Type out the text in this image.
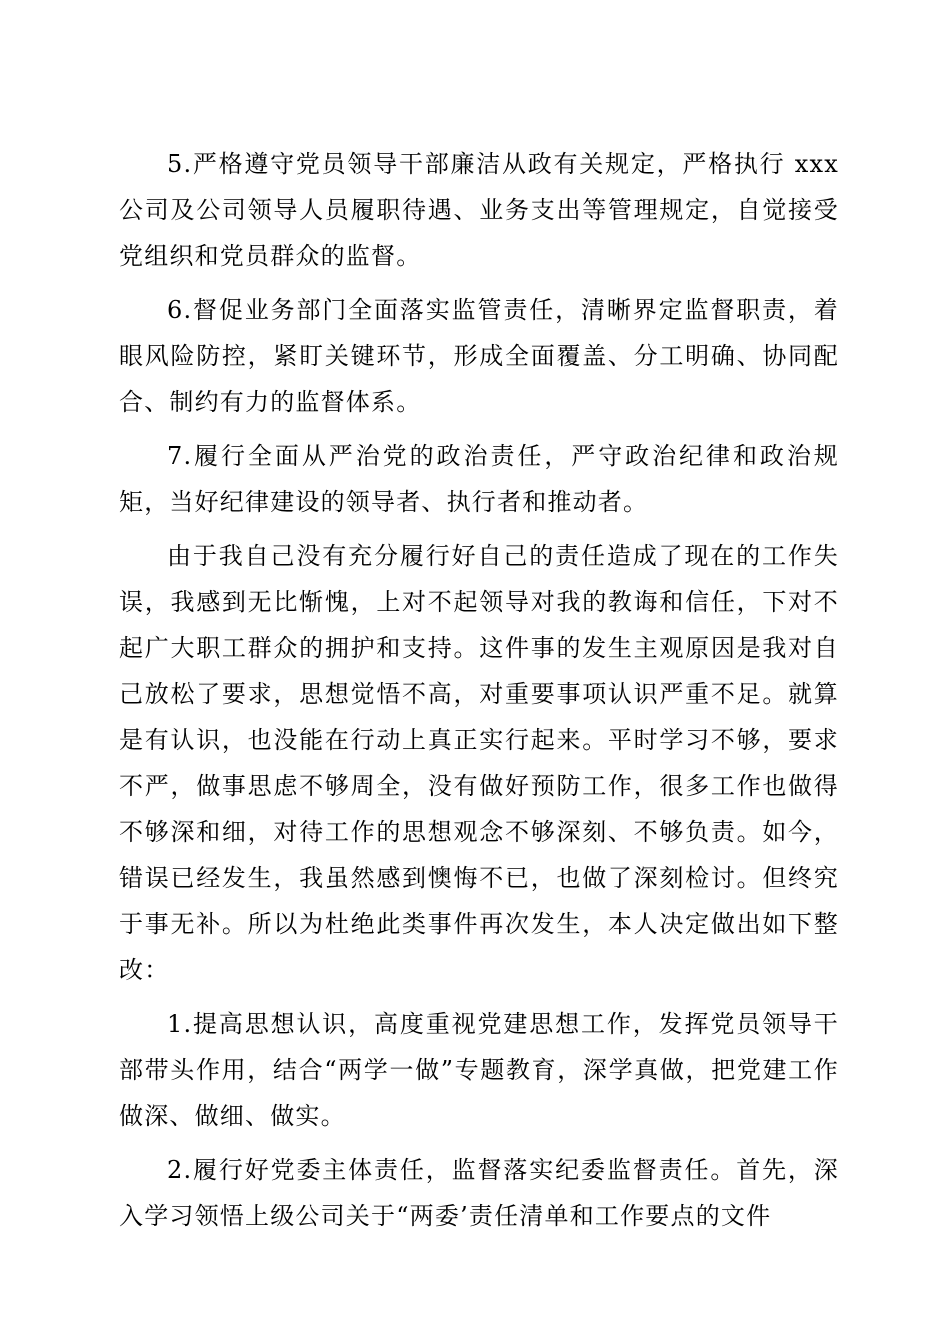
5.严格遵守党员领导干部廉洁从政有关规定，严格执行 xxx 公司及公司领导人员履职待遇、业务支出等管理规定，自觉接受党组织和党员群众的监督。

6.督促业务部门全面落实监管责任，清晰界定监督职责，着眼风险防控，紧盯关键环节，形成全面覆盖、分工明确、协同配合、制约有力的监督体系。

7.履行全面从严治党的政治责任，严守政治纪律和政治规矩，当好纪律建设的领导者、执行者和推动者。

由于我自己没有充分履行好自己的责任造成了现在的工作失误，我感到无比惭愧，上对不起领导对我的教诲和信任，下对不起广大职工群众的拥护和支持。这件事的发生主观原因是我对自己放松了要求，思想觉悟不高，对重要事项认识严重不足。就算是有认识，也没能在行动上真正实行起来。平时学习不够，要求不严，做事思虑不够周全，没有做好预防工作，很多工作也做得不够深和细，对待工作的思想观念不够深刻、不够负责。如今，错误已经发生，我虽然感到懊悔不已，也做了深刻检讨。但终究于事无补。所以为杜绝此类事件再次发生，本人决定做出如下整改：

1.提高思想认识，高度重视党建思想工作，发挥党员领导干部带头作用，结合“两学一做”专题教育，深学真做，把党建工作做深、做细、做实。

2.履行好党委主体责任，监督落实纪委监督责任。首先，深入学习领悟上级公司关于“两委’责任清单和工作要点的文件
